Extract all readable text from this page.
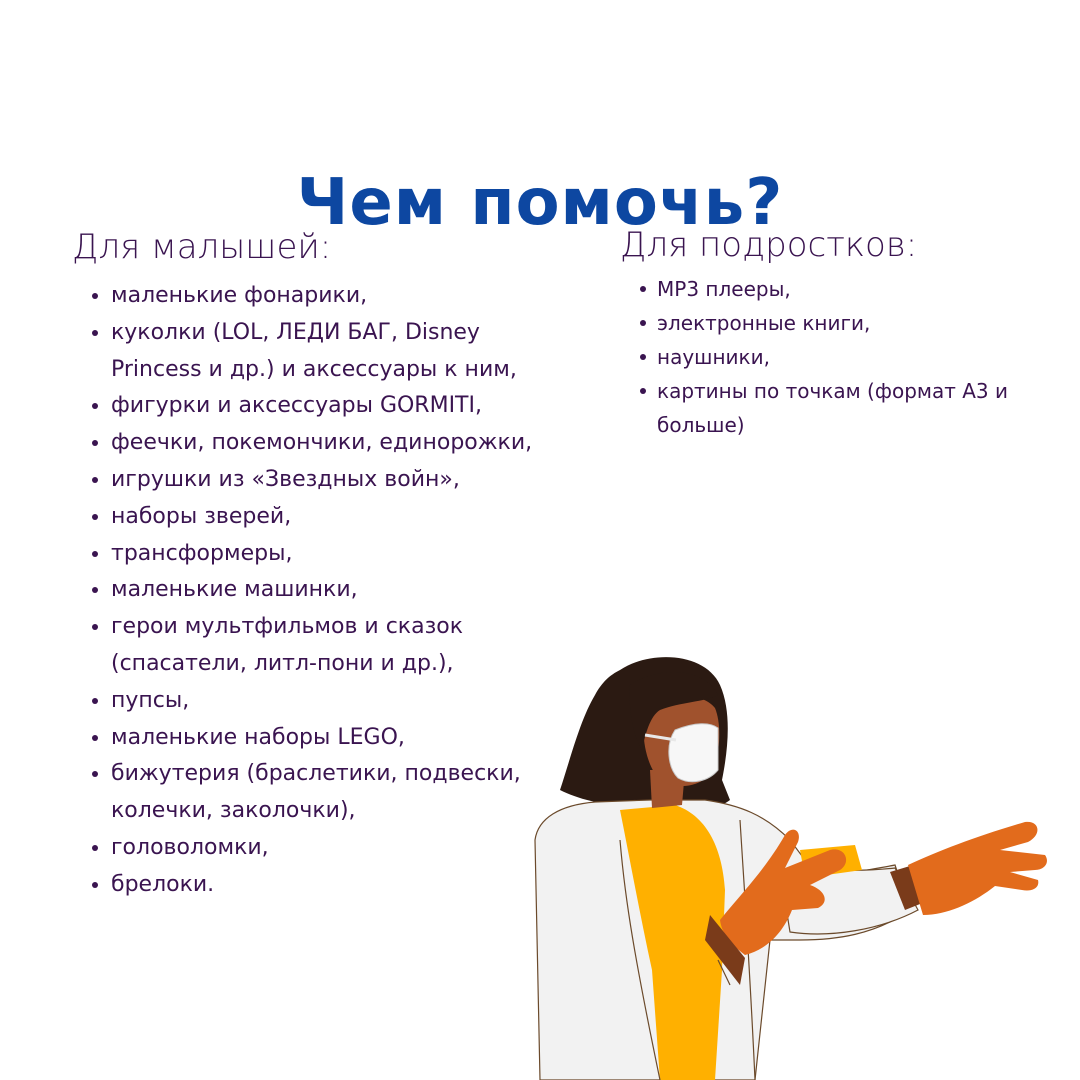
Чем помочь?
Для малышей:
маленькие фонарики,
куколки (LOL, ЛЕДИ БАГ, Disney Princess и др.) и аксессуары к ним,
фигурки и аксессуары GORMITI,
феечки, покемончики, единорожки,
игрушки из «Звездных войн»,
наборы зверей,
трансформеры,
маленькие машинки,
герои мультфильмов и сказок (спасатели, литл-пони и др.),
пупсы,
маленькие наборы LEGO,
бижутерия (браслетики, подвески, колечки, заколочки),
головоломки,
брелоки.
Для подростков:
MP3 плееры,
электронные книги,
наушники,
картины по точкам (формат А3 и больше)
